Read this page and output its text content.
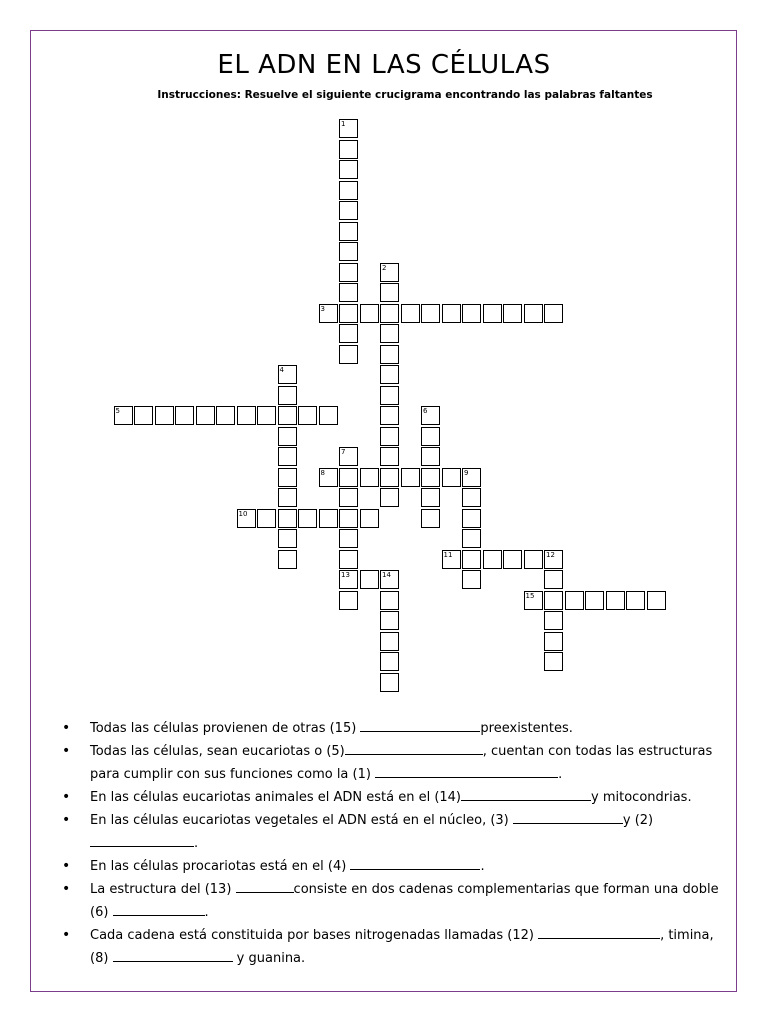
EL ADN EN LAS CÉLULAS
Instrucciones: Resuelve el siguiente crucigrama encontrando las palabras faltantes
1
2
3
4
5	6
7
8	9
10
11	12
13	14
15
• Todas las células provienen de otras (15)	preexistentes.
• Todas las células, sean eucariotas o (5)	, cuentan con todas las estructuras para cumplir con sus funciones como la (1)	.
• En las células eucariotas animales el ADN está en el (14)	y mitocondrias.
• En las células eucariotas vegetales el ADN está en el núcleo, (3)	y (2) .
• En las células procariotas está en el (4)	.
• La estructura del (13)	consiste en dos cadenas complementarias que forman una doble (6)	.
• Cada cadena está constituida por bases nitrogenadas llamadas (12)	, timina, (8)	y guanina.
